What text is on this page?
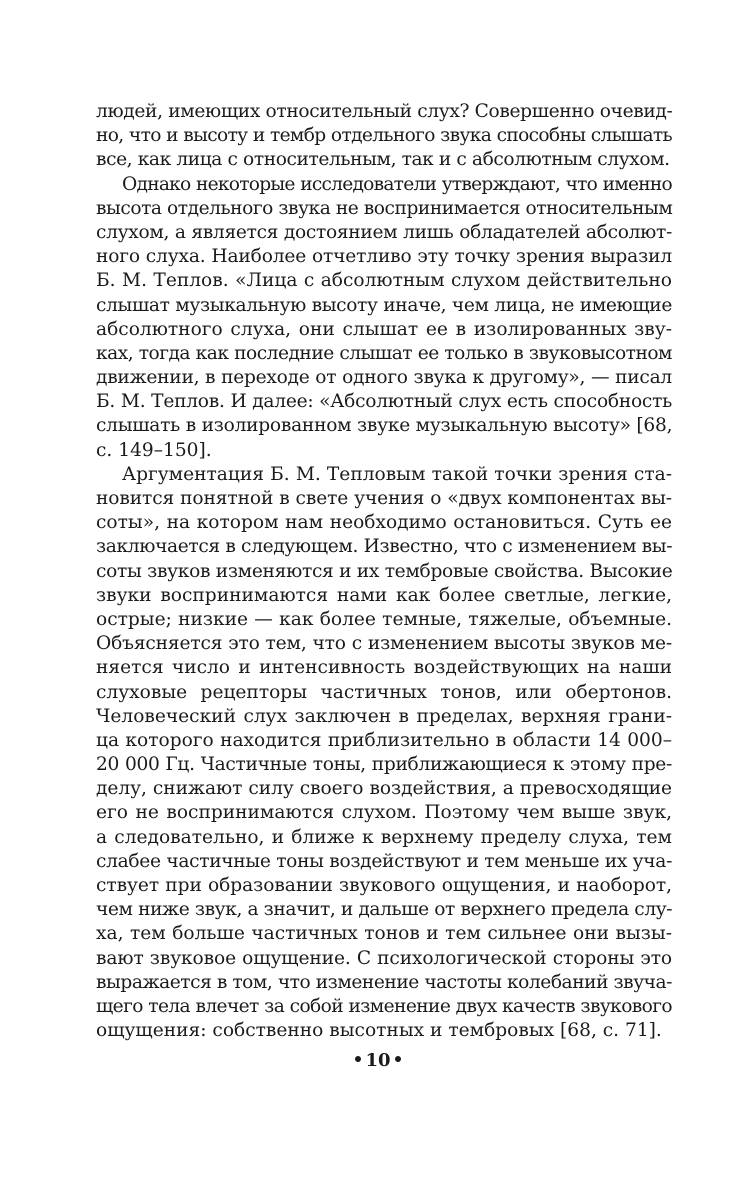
людей, имеющих относительный слух? Совершенно очевид-
но, что и высоту и тембр отдельного звука способны слышать
все, как лица с относительным, так и с абсолютным слухом.
Однако некоторые исследователи утверждают, что именно
высота отдельного звука не воспринимается относительным
слухом, а является достоянием лишь обладателей абсолют-
ного слуха. Наиболее отчетливо эту точку зрения выразил
Б. М. Теплов. «Лица с абсолютным слухом действительно
слышат музыкальную высоту иначе, чем лица, не имеющие
абсолютного слуха, они слышат ее в изолированных зву-
ках, тогда как последние слышат ее только в звуковысотном
движении, в переходе от одного звука к другому», — писал
Б. М. Теплов. И далее: «Абсолютный слух есть способность
слышать в изолированном звуке музыкальную высоту» [68,
с. 149–150].
Аргументация Б. М. Тепловым такой точки зрения ста-
новится понятной в свете учения о «двух компонентах вы-
соты», на котором нам необходимо остановиться. Суть ее
заключается в следующем. Известно, что с изменением вы-
соты звуков изменяются и их тембровые свойства. Высокие
звуки воспринимаются нами как более светлые, легкие,
острые; низкие — как более темные, тяжелые, объемные.
Объясняется это тем, что с изменением высоты звуков ме-
няется число и интенсивность воздействующих на наши
слуховые рецепторы частичных тонов, или обертонов.
Человеческий слух заключен в пределах, верхняя грани-
ца которого находится приблизительно в области 14 000–
20 000 Гц. Частичные тоны, приближающиеся к этому пре-
делу, снижают силу своего воздействия, а превосходящие
его не воспринимаются слухом. Поэтому чем выше звук,
а следовательно, и ближе к верхнему пределу слуха, тем
слабее частичные тоны воздействуют и тем меньше их уча-
ствует при образовании звукового ощущения, и наоборот,
чем ниже звук, а значит, и дальше от верхнего предела слу-
ха, тем больше частичных тонов и тем сильнее они вызы-
вают звуковое ощущение. С психологической стороны это
выражается в том, что изменение частоты колебаний звуча-
щего тела влечет за собой изменение двух качеств звукового
ощущения: собственно высотных и тембровых [68, с. 71].
10
